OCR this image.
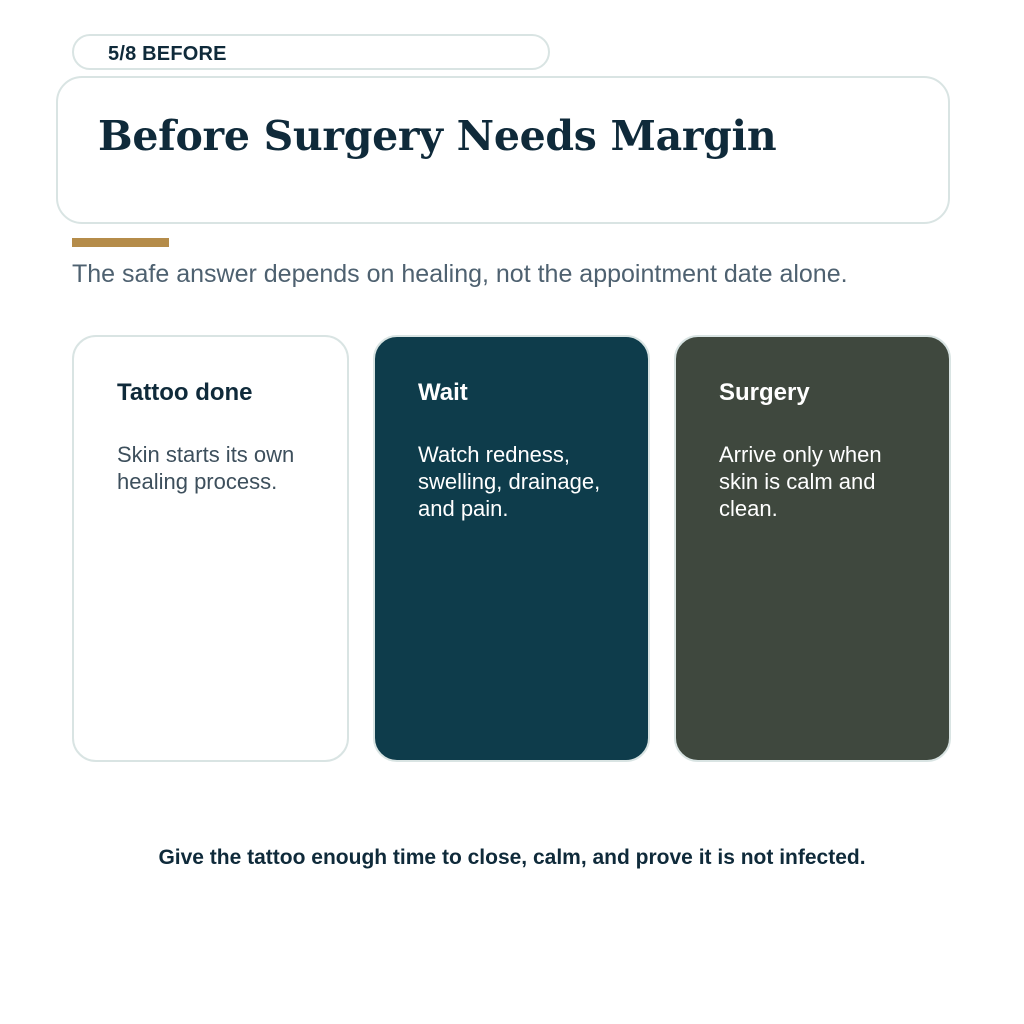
5/8 BEFORE
Before Surgery Needs Margin
The safe answer depends on healing, not the appointment date alone.
Tattoo done
Skin starts its own healing process.
Wait
Watch redness, swelling, drainage, and pain.
Surgery
Arrive only when skin is calm and clean.
Give the tattoo enough time to close, calm, and prove it is not infected.
